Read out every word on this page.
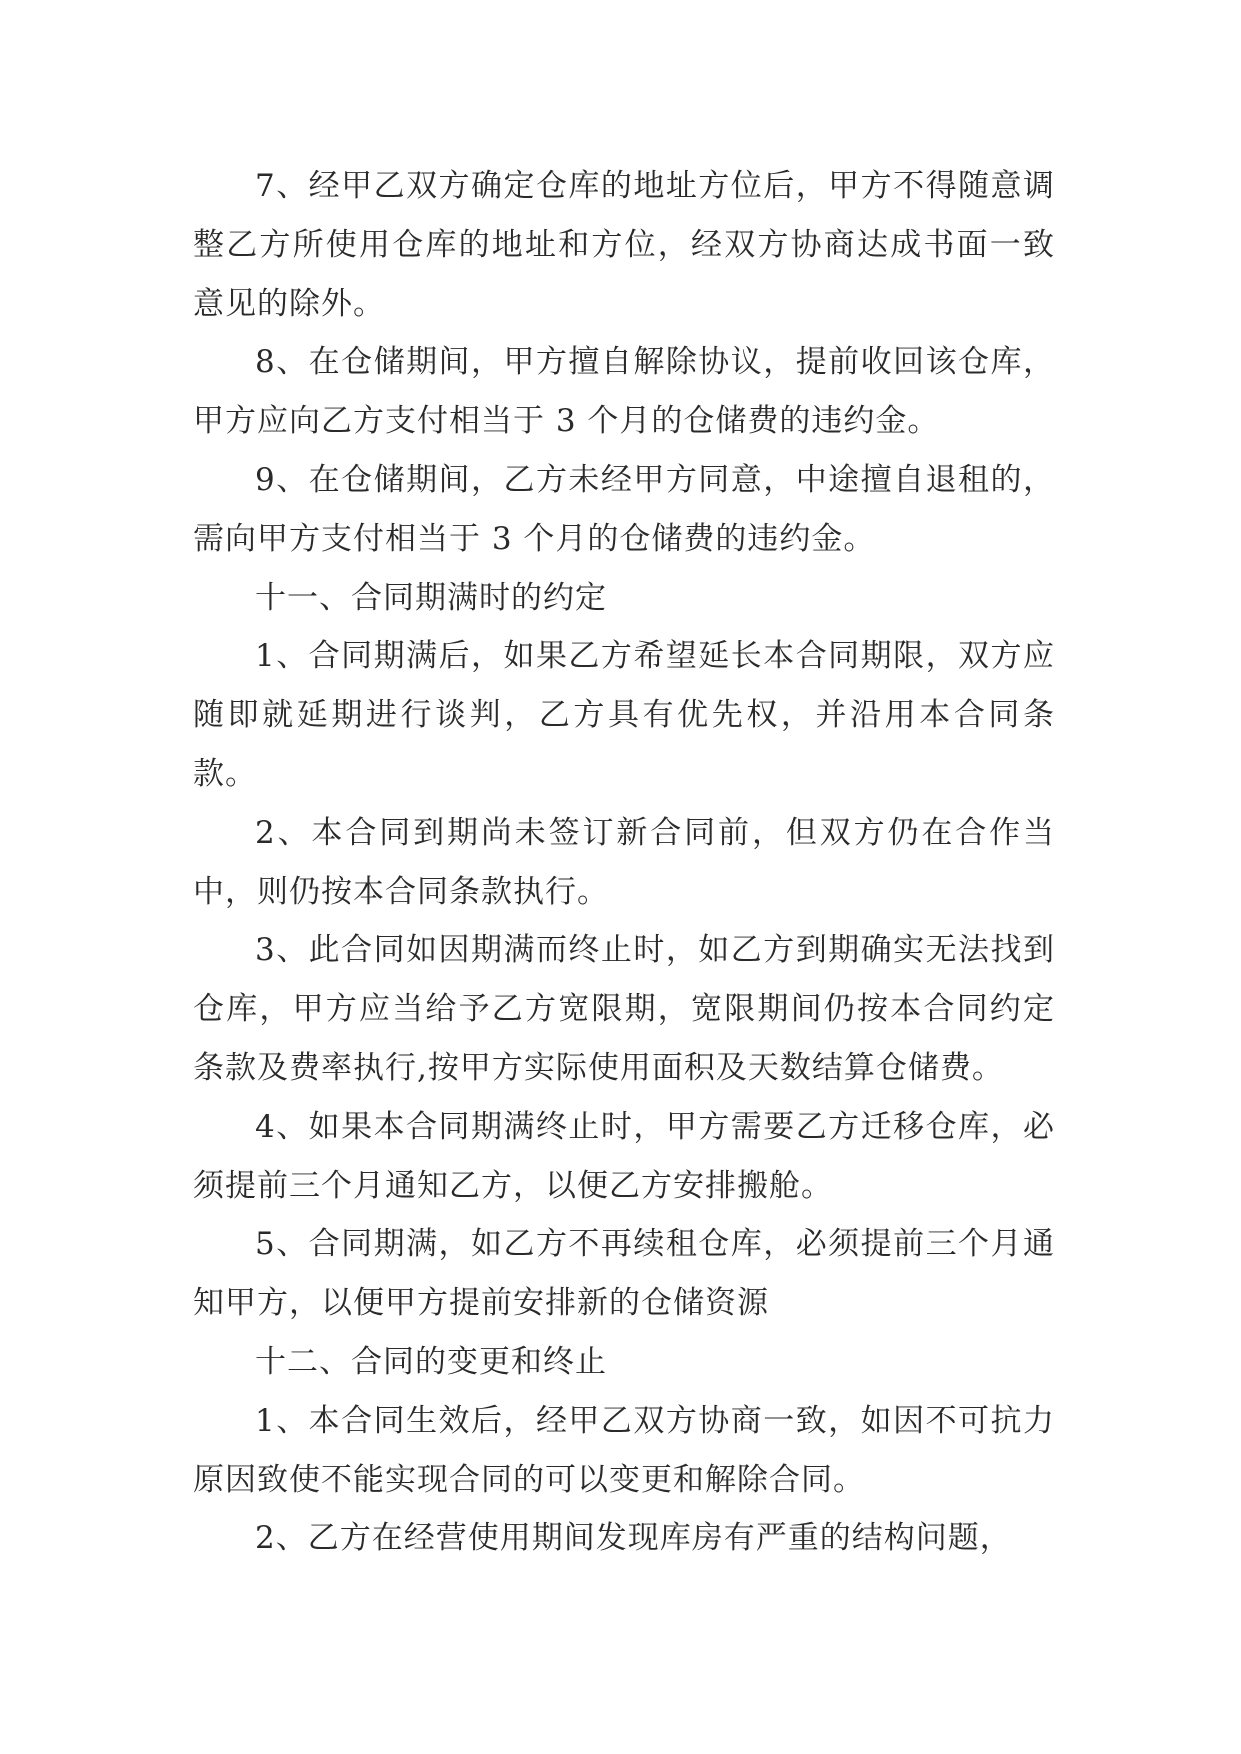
7、经甲乙双方确定仓库的地址方位后，甲方不得随意调整乙方所使用仓库的地址和方位，经双方协商达成书面一致意见的除外。

8、在仓储期间，甲方擅自解除协议，提前收回该仓库，甲方应向乙方支付相当于 3 个月的仓储费的违约金。

9、在仓储期间，乙方未经甲方同意，中途擅自退租的，需向甲方支付相当于 3 个月的仓储费的违约金。

十一、合同期满时的约定

1、合同期满后，如果乙方希望延长本合同期限，双方应随即就延期进行谈判，乙方具有优先权，并沿用本合同条款。

2、本合同到期尚未签订新合同前，但双方仍在合作当中，则仍按本合同条款执行。

3、此合同如因期满而终止时，如乙方到期确实无法找到仓库，甲方应当给予乙方宽限期，宽限期间仍按本合同约定条款及费率执行,按甲方实际使用面积及天数结算仓储费。

4、如果本合同期满终止时，甲方需要乙方迁移仓库，必须提前三个月通知乙方，以便乙方安排搬舱。

5、合同期满，如乙方不再续租仓库，必须提前三个月通知甲方，以便甲方提前安排新的仓储资源

十二、合同的变更和终止

1、本合同生效后，经甲乙双方协商一致，如因不可抗力原因致使不能实现合同的可以变更和解除合同。

2、乙方在经营使用期间发现库房有严重的结构问题，
